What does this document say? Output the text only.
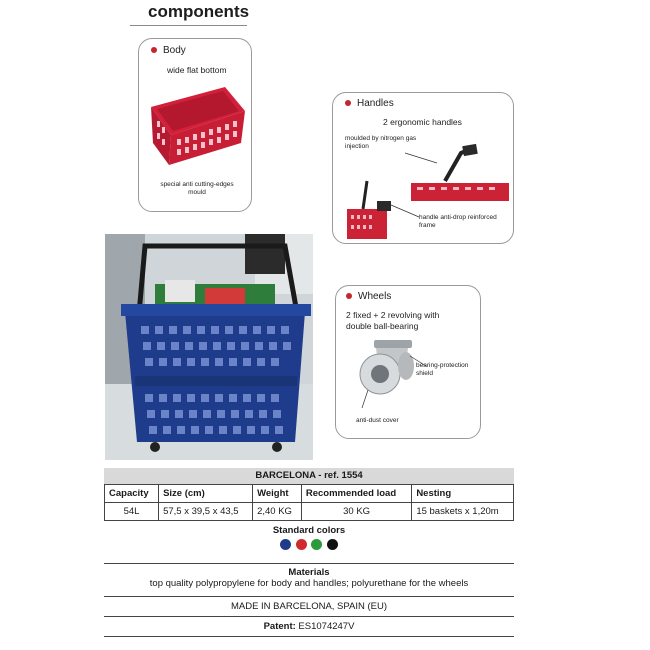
components
Body
wide flat bottom
special anti cutting-edges mould
Handles
2 ergonomic handles
moulded by nitrogen gas injection
handle anti-drop reinforced frame
Wheels
2 fixed + 2 revolving with double ball-bearing
bearing-protection shield
anti-dust cover
BARCELONA - ref. 1554
Capacity	Size (cm)	Weight	Recommended load	Nesting
54L	57,5 x 39,5 x 43,5	2,40 KG	30 KG	15 baskets x 1,20m
Standard colors

Materials
top quality polypropylene for body and handles; polyurethane for the wheels
MADE IN BARCELONA, SPAIN (EU)
Patent: ES1074247V
